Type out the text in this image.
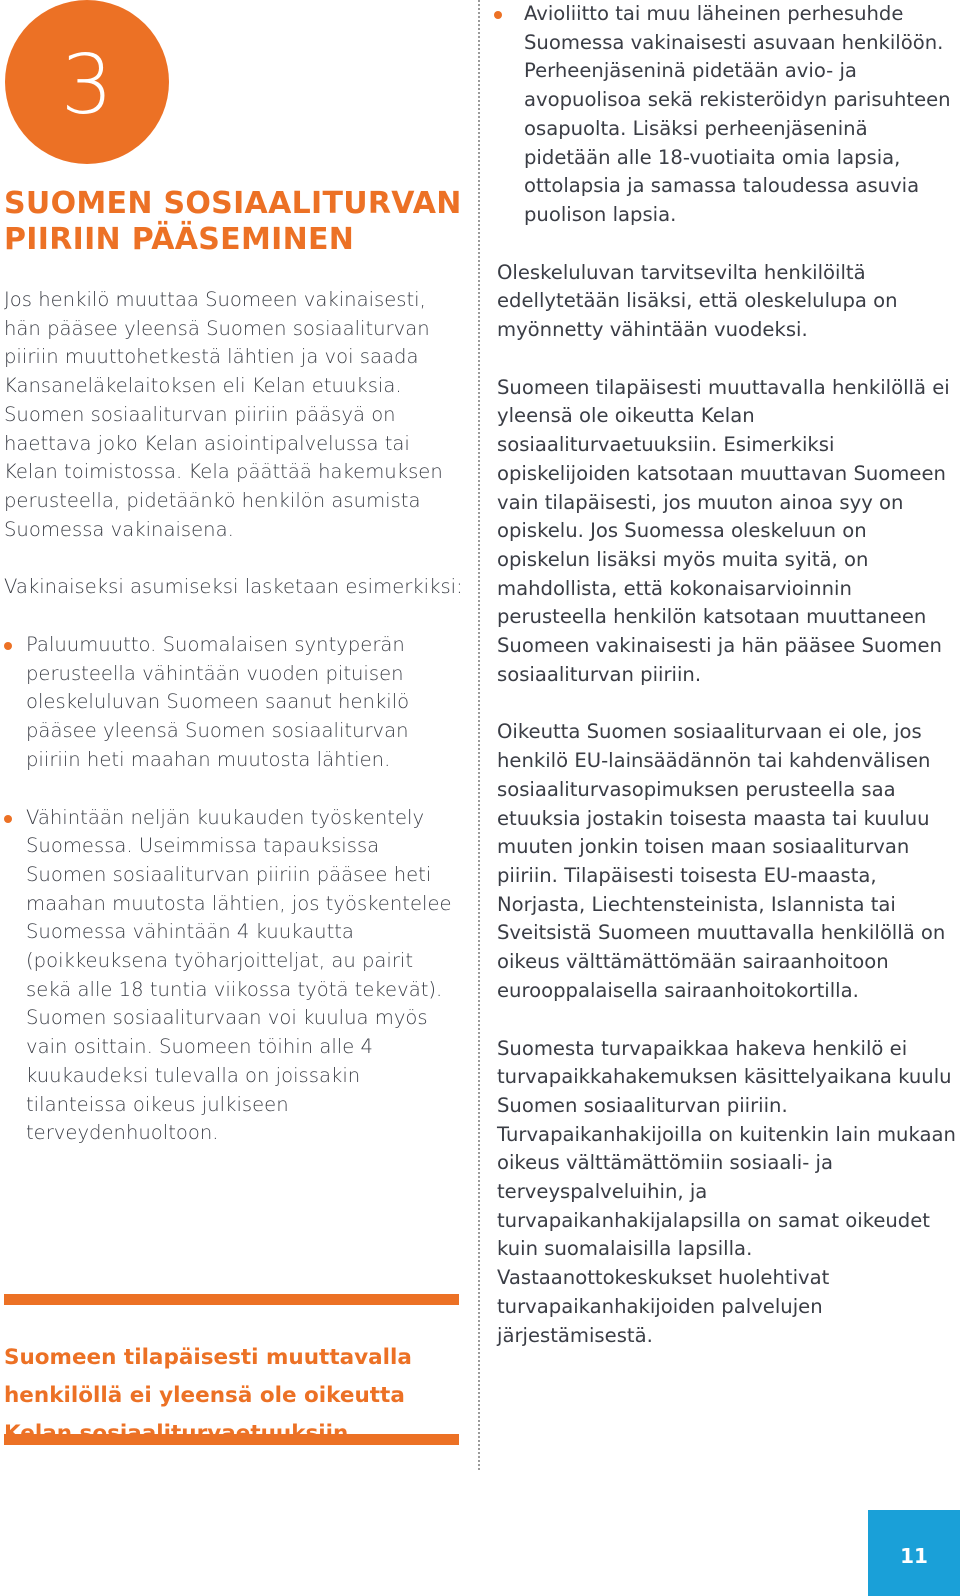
3
SUOMEN SOSIAALITURVAN
PIIRIIN PÄÄSEMINEN

Jos henkilö muuttaa Suomeen vakinaisesti, hän pääsee yleensä Suomen sosiaaliturvan piiriin muuttohetkestä lähtien ja voi saada Kansaneläkelaitoksen eli Kelan etuuksia. Suomen sosiaaliturvan piiriin pääsyä on haettava joko Kelan asiointipalvelussa tai Kelan toimistossa. Kela päättää hakemuksen perusteella, pidetäänkö henkilön asumista Suomessa vakinaisena.

Vakinaiseksi asumiseksi lasketaan esimerkiksi:

Paluumuutto. Suomalaisen syntyperän perusteella vähintään vuoden pituisen oleskeluluvan Suomeen saanut henkilö pääsee yleensä Suomen sosiaaliturvan piiriin heti maahan muutosta lähtien.
Vähintään neljän kuukauden työskentely Suomessa. Useimmissa tapauksissa Suomen sosiaaliturvan piiriin pääsee heti maahan muutosta lähtien, jos työskentelee Suomessa vähintään 4 kuukautta (poikkeuksena työharjoitteljat, au pairit sekä alle 18 tuntia viikossa työtä tekevät). Suomen sosiaaliturvaan voi kuulua myös vain osittain. Suomeen töihin alle 4 kuukaudeksi tulevalla on joissakin tilanteissa oikeus julkiseen terveydenhuoltoon.

Suomeen tilapäisesti muuttavalla henkilöllä ei yleensä ole oikeutta

Avioliitto tai muu läheinen perhesuhde Suomessa vakinaisesti asuvaan henkilöön. Perheenjäseninä pidetään avio- ja avopuolisoa sekä rekisteröidyn parisuhteen osapuolta. Lisäksi perheenjäseninä pidetään alle 18-vuotiaita omia lapsia, ottolapsia ja samassa taloudessa asuvia puolison lapsia.

Oleskeluluvan tarvitsevilta henkilöiltä edellytetään lisäksi, että oleskelulupa on myönnetty vähintään vuodeksi.

Suomeen tilapäisesti muuttavalla henkilöllä ei yleensä ole oikeutta Kelan sosiaaliturvaetuuksiin. Esimerkiksi opiskelijoiden katsotaan muuttavan Suomeen vain tilapäisesti, jos muuton ainoa syy on opiskelu. Jos Suomessa oleskeluun on opiskelun lisäksi myös muita syitä, on mahdollista, että kokonaisarvioinnin perusteella henkilön katsotaan muuttaneen Suomeen vakinaisesti ja hän pääsee Suomen sosiaaliturvan piiriin.

Oikeutta Suomen sosiaaliturvaan ei ole, jos henkilö EU-lainsäädännön tai kahdenvälisen sosiaaliturvasopimuksen perusteella saa etuuksia jostakin toisesta maasta tai kuuluu muuten jonkin toisen maan sosiaaliturvan piiriin. Tilapäisesti toisesta EU-maasta, Norjasta, Liechtensteinista, Islannista tai Sveitsistä Suomeen muuttavalla henkilöllä on oikeus välttämättömään sairaanhoitoon eurooppalaisella sairaanhoitokortilla.

Suomesta turvapaikkaa hakeva henkilö ei turvapaikkahakemuksen käsittelyaikana kuulu Suomen sosiaaliturvan piiriin. Turvapaikanhakijoilla on kuitenkin lain mukaan oikeus välttämättömiin sosiaali- ja terveyspalveluihin, ja turvapaikanhakijalapsilla on samat oikeudet kuin suomalaisilla lapsilla. Vastaanottokeskukset huolehtivat turvapaikanhakijoiden palvelujen järjestämisestä.

11
